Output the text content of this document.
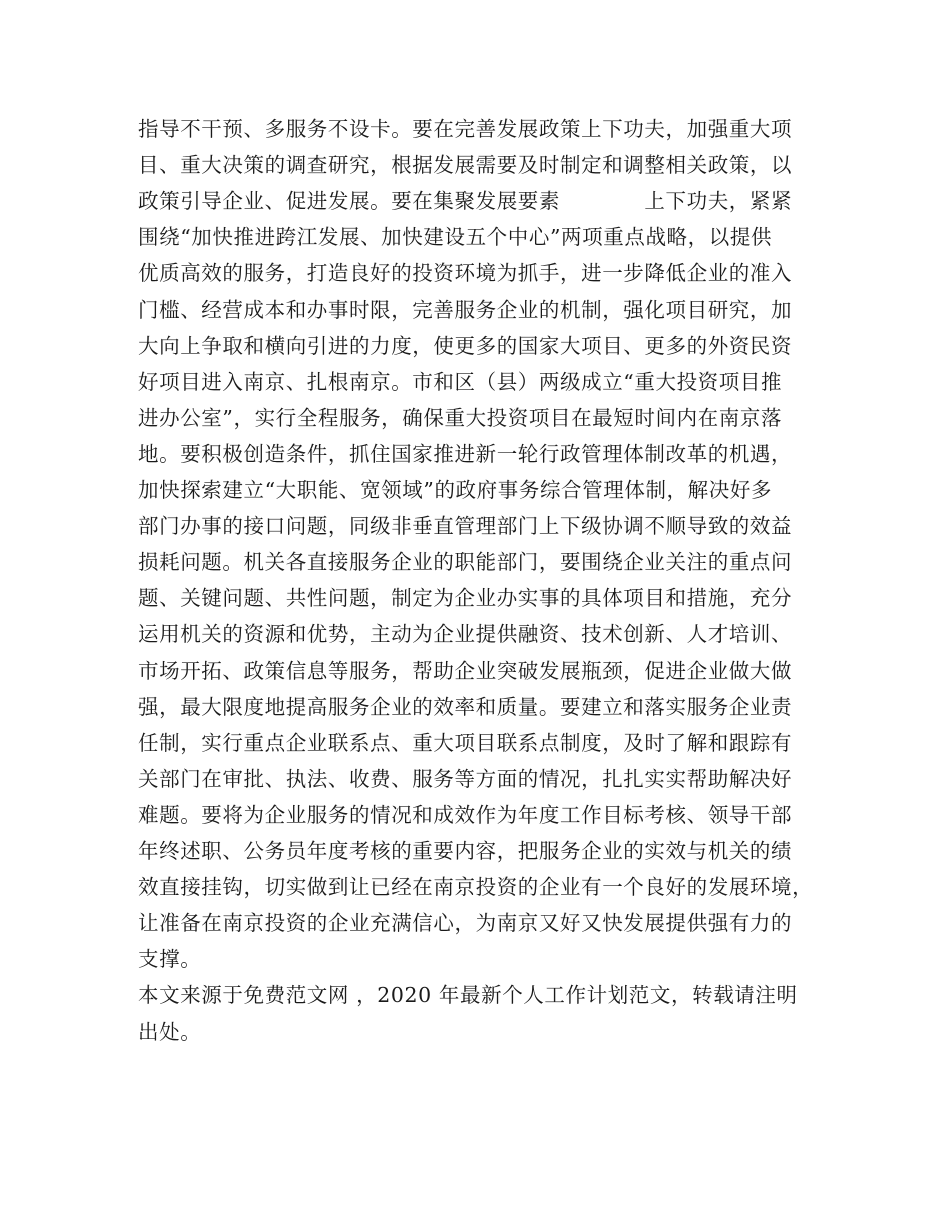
指导不干预、多服务不设卡。要在完善发展政策上下功夫，加强重大项
目、重大决策的调查研究，根据发展需要及时制定和调整相关政策，以
政策引导企业、促进发展。要在集聚发展要素　　　　上下功夫，紧紧
围绕“加快推进跨江发展、加快建设五个中心”两项重点战略，以提供
优质高效的服务，打造良好的投资环境为抓手，进一步降低企业的准入
门槛、经营成本和办事时限，完善服务企业的机制，强化项目研究，加
大向上争取和横向引进的力度，使更多的国家大项目、更多的外资民资
好项目进入南京、扎根南京。市和区（县）两级成立“重大投资项目推
进办公室”，实行全程服务，确保重大投资项目在最短时间内在南京落
地。要积极创造条件，抓住国家推进新一轮行政管理体制改革的机遇，
加快探索建立“大职能、宽领域”的政府事务综合管理体制，解决好多
部门办事的接口问题，同级非垂直管理部门上下级协调不顺导致的效益
损耗问题。机关各直接服务企业的职能部门，要围绕企业关注的重点问
题、关键问题、共性问题，制定为企业办实事的具体项目和措施，充分
运用机关的资源和优势，主动为企业提供融资、技术创新、人才培训、
市场开拓、政策信息等服务，帮助企业突破发展瓶颈，促进企业做大做
强，最大限度地提高服务企业的效率和质量。要建立和落实服务企业责
任制，实行重点企业联系点、重大项目联系点制度，及时了解和跟踪有
关部门在审批、执法、收费、服务等方面的情况，扎扎实实帮助解决好
难题。要将为企业服务的情况和成效作为年度工作目标考核、领导干部
年终述职、公务员年度考核的重要内容，把服务企业的实效与机关的绩
效直接挂钩，切实做到让已经在南京投资的企业有一个良好的发展环境，
让准备在南京投资的企业充满信心，为南京又好又快发展提供强有力的
支撑。
本文来源于免费范文网 ，2020 年最新个人工作计划范文，转载请注明
出处。
